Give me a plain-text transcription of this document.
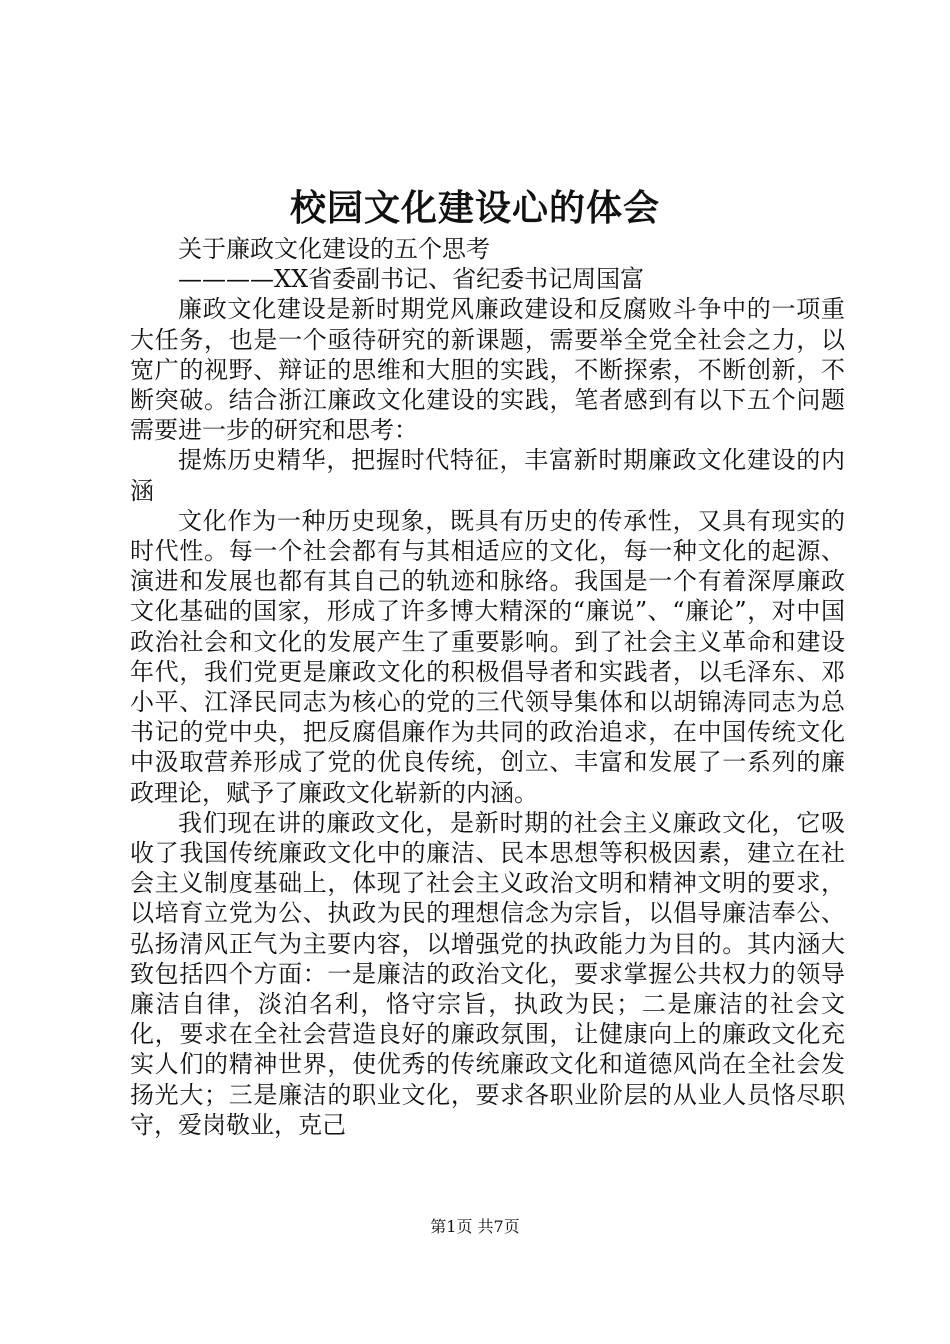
校园文化建设心的体会

关于廉政文化建设的五个思考

————XX省委副书记、省纪委书记周国富

廉政文化建设是新时期党风廉政建设和反腐败斗争中的一项重大任务，也是一个亟待研究的新课题，需要举全党全社会之力，以宽广的视野、辩证的思维和大胆的实践，不断探索，不断创新，不断突破。结合浙江廉政文化建设的实践，笔者感到有以下五个问题需要进一步的研究和思考：

提炼历史精华，把握时代特征，丰富新时期廉政文化建设的内涵

文化作为一种历史现象，既具有历史的传承性，又具有现实的时代性。每一个社会都有与其相适应的文化，每一种文化的起源、演进和发展也都有其自己的轨迹和脉络。我国是一个有着深厚廉政文化基础的国家，形成了许多博大精深的“廉说”、“廉论”，对中国政治社会和文化的发展产生了重要影响。到了社会主义革命和建设年代，我们党更是廉政文化的积极倡导者和实践者，以毛泽东、邓小平、江泽民同志为核心的党的三代领导集体和以胡锦涛同志为总书记的党中央，把反腐倡廉作为共同的政治追求，在中国传统文化中汲取营养形成了党的优良传统，创立、丰富和发展了一系列的廉政理论，赋予了廉政文化崭新的内涵。

我们现在讲的廉政文化，是新时期的社会主义廉政文化，它吸收了我国传统廉政文化中的廉洁、民本思想等积极因素，建立在社会主义制度基础上，体现了社会主义政治文明和精神文明的要求，以培育立党为公、执政为民的理想信念为宗旨，以倡导廉洁奉公、弘扬清风正气为主要内容，以增强党的执政能力为目的。其内涵大致包括四个方面：一是廉洁的政治文化，要求掌握公共权力的领导廉洁自律，淡泊名利，恪守宗旨，执政为民；二是廉洁的社会文化，要求在全社会营造良好的廉政氛围，让健康向上的廉政文化充实人们的精神世界，使优秀的传统廉政文化和道德风尚在全社会发扬光大；三是廉洁的职业文化，要求各职业阶层的从业人员恪尽职守，爱岗敬业，克己

第1页 共7页
